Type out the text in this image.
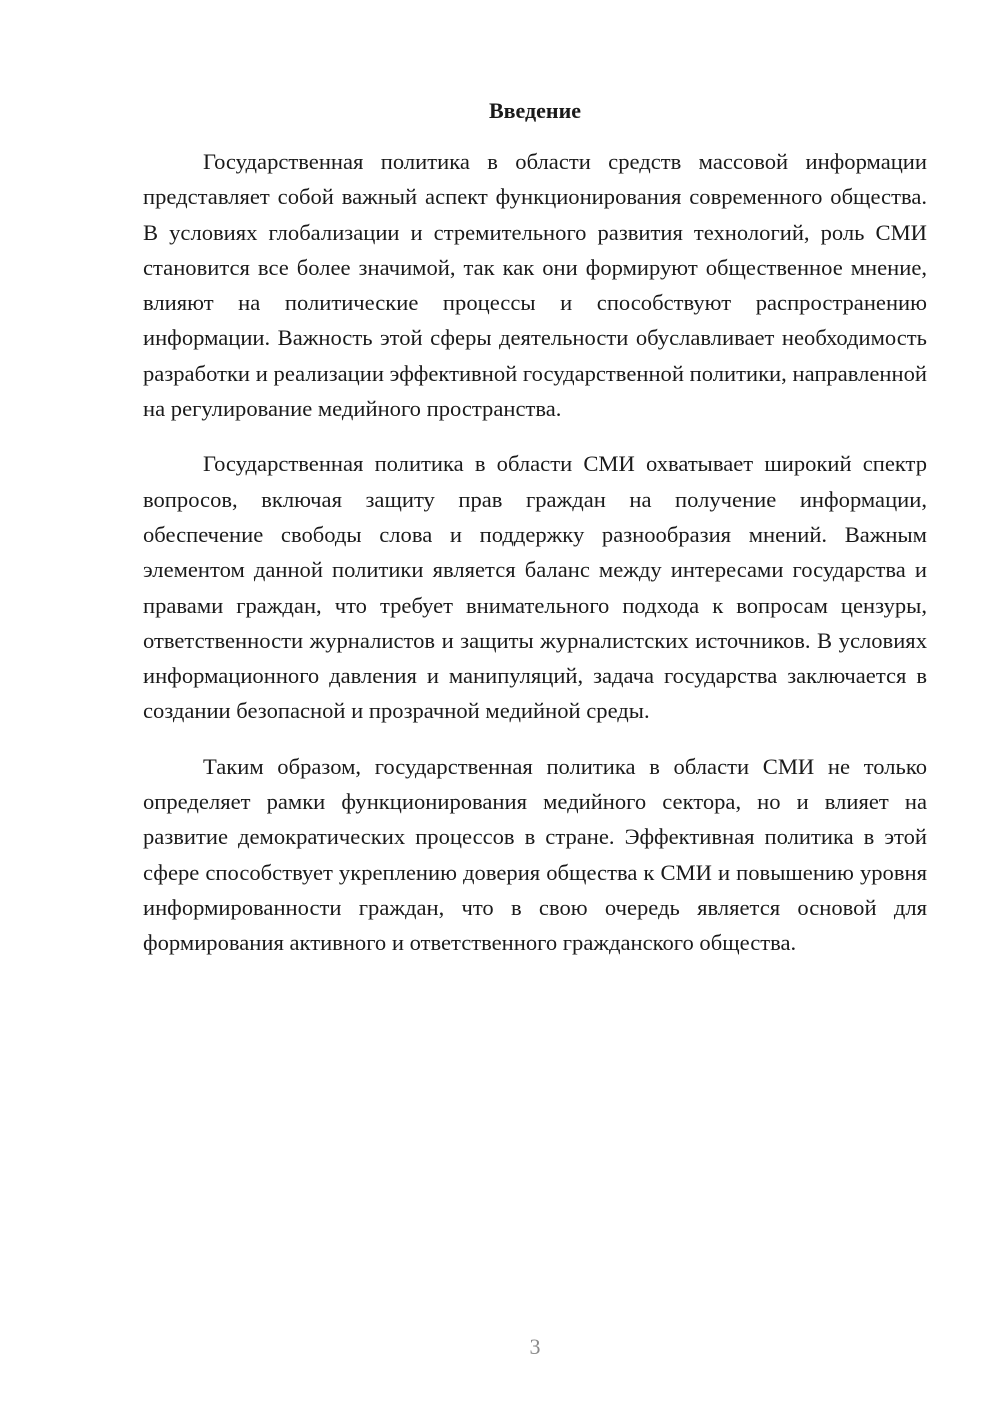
Введение

Государственная политика в области средств массовой информации представляет собой важный аспект функционирования современного общества. В условиях глобализации и стремительного развития технологий, роль СМИ становится все более значимой, так как они формируют общественное мнение, влияют на политические процессы и способствуют распространению информации. Важность этой сферы деятельности обуславливает необходимость разработки и реализации эффективной государственной политики, направленной на регулирование медийного пространства.

Государственная политика в области СМИ охватывает широкий спектр вопросов, включая защиту прав граждан на получение информации, обеспечение свободы слова и поддержку разнообразия мнений. Важным элементом данной политики является баланс между интересами государства и правами граждан, что требует внимательного подхода к вопросам цензуры, ответственности журналистов и защиты журналистских источников. В условиях информационного давления и манипуляций, задача государства заключается в создании безопасной и прозрачной медийной среды.

Таким образом, государственная политика в области СМИ не только определяет рамки функционирования медийного сектора, но и влияет на развитие демократических процессов в стране. Эффективная политика в этой сфере способствует укреплению доверия общества к СМИ и повышению уровня информированности граждан, что в свою очередь является основой для формирования активного и ответственного гражданского общества.

3
